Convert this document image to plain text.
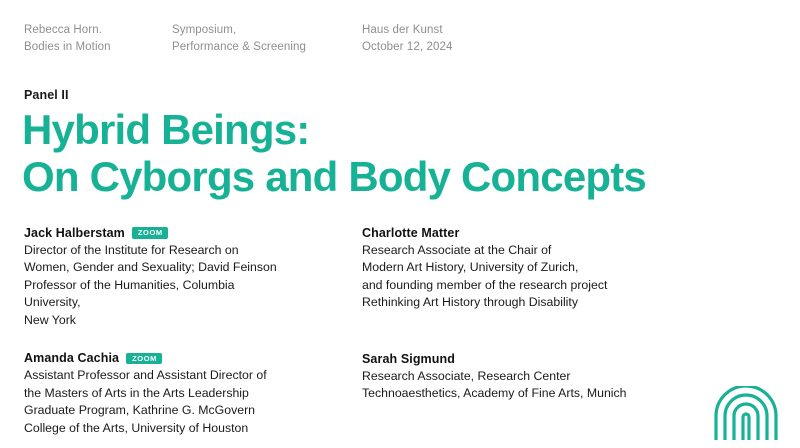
Rebecca Horn.
Bodies in Motion
Symposium,
Performance & Screening
Haus der Kunst
October 12, 2024
Panel II
Hybrid Beings:
On Cyborgs and Body Concepts
Jack Halberstam	ZOOM
Director of the Institute for Research on
Women, Gender and Sexuality; David Feinson
Professor of the Humanities, Columbia
University,
New York
Amanda Cachia	ZOOM
Assistant Professor and Assistant Director of
the Masters of Arts in the Arts Leadership
Graduate Program, Kathrine G. McGovern
College of the Arts, University of Houston
Charlotte Matter
Research Associate at the Chair of
Modern Art History, University of Zurich,
and founding member of the research project
Rethinking Art History through Disability
Sarah Sigmund
Research Associate, Research Center
Technoaesthetics, Academy of Fine Arts, Munich
